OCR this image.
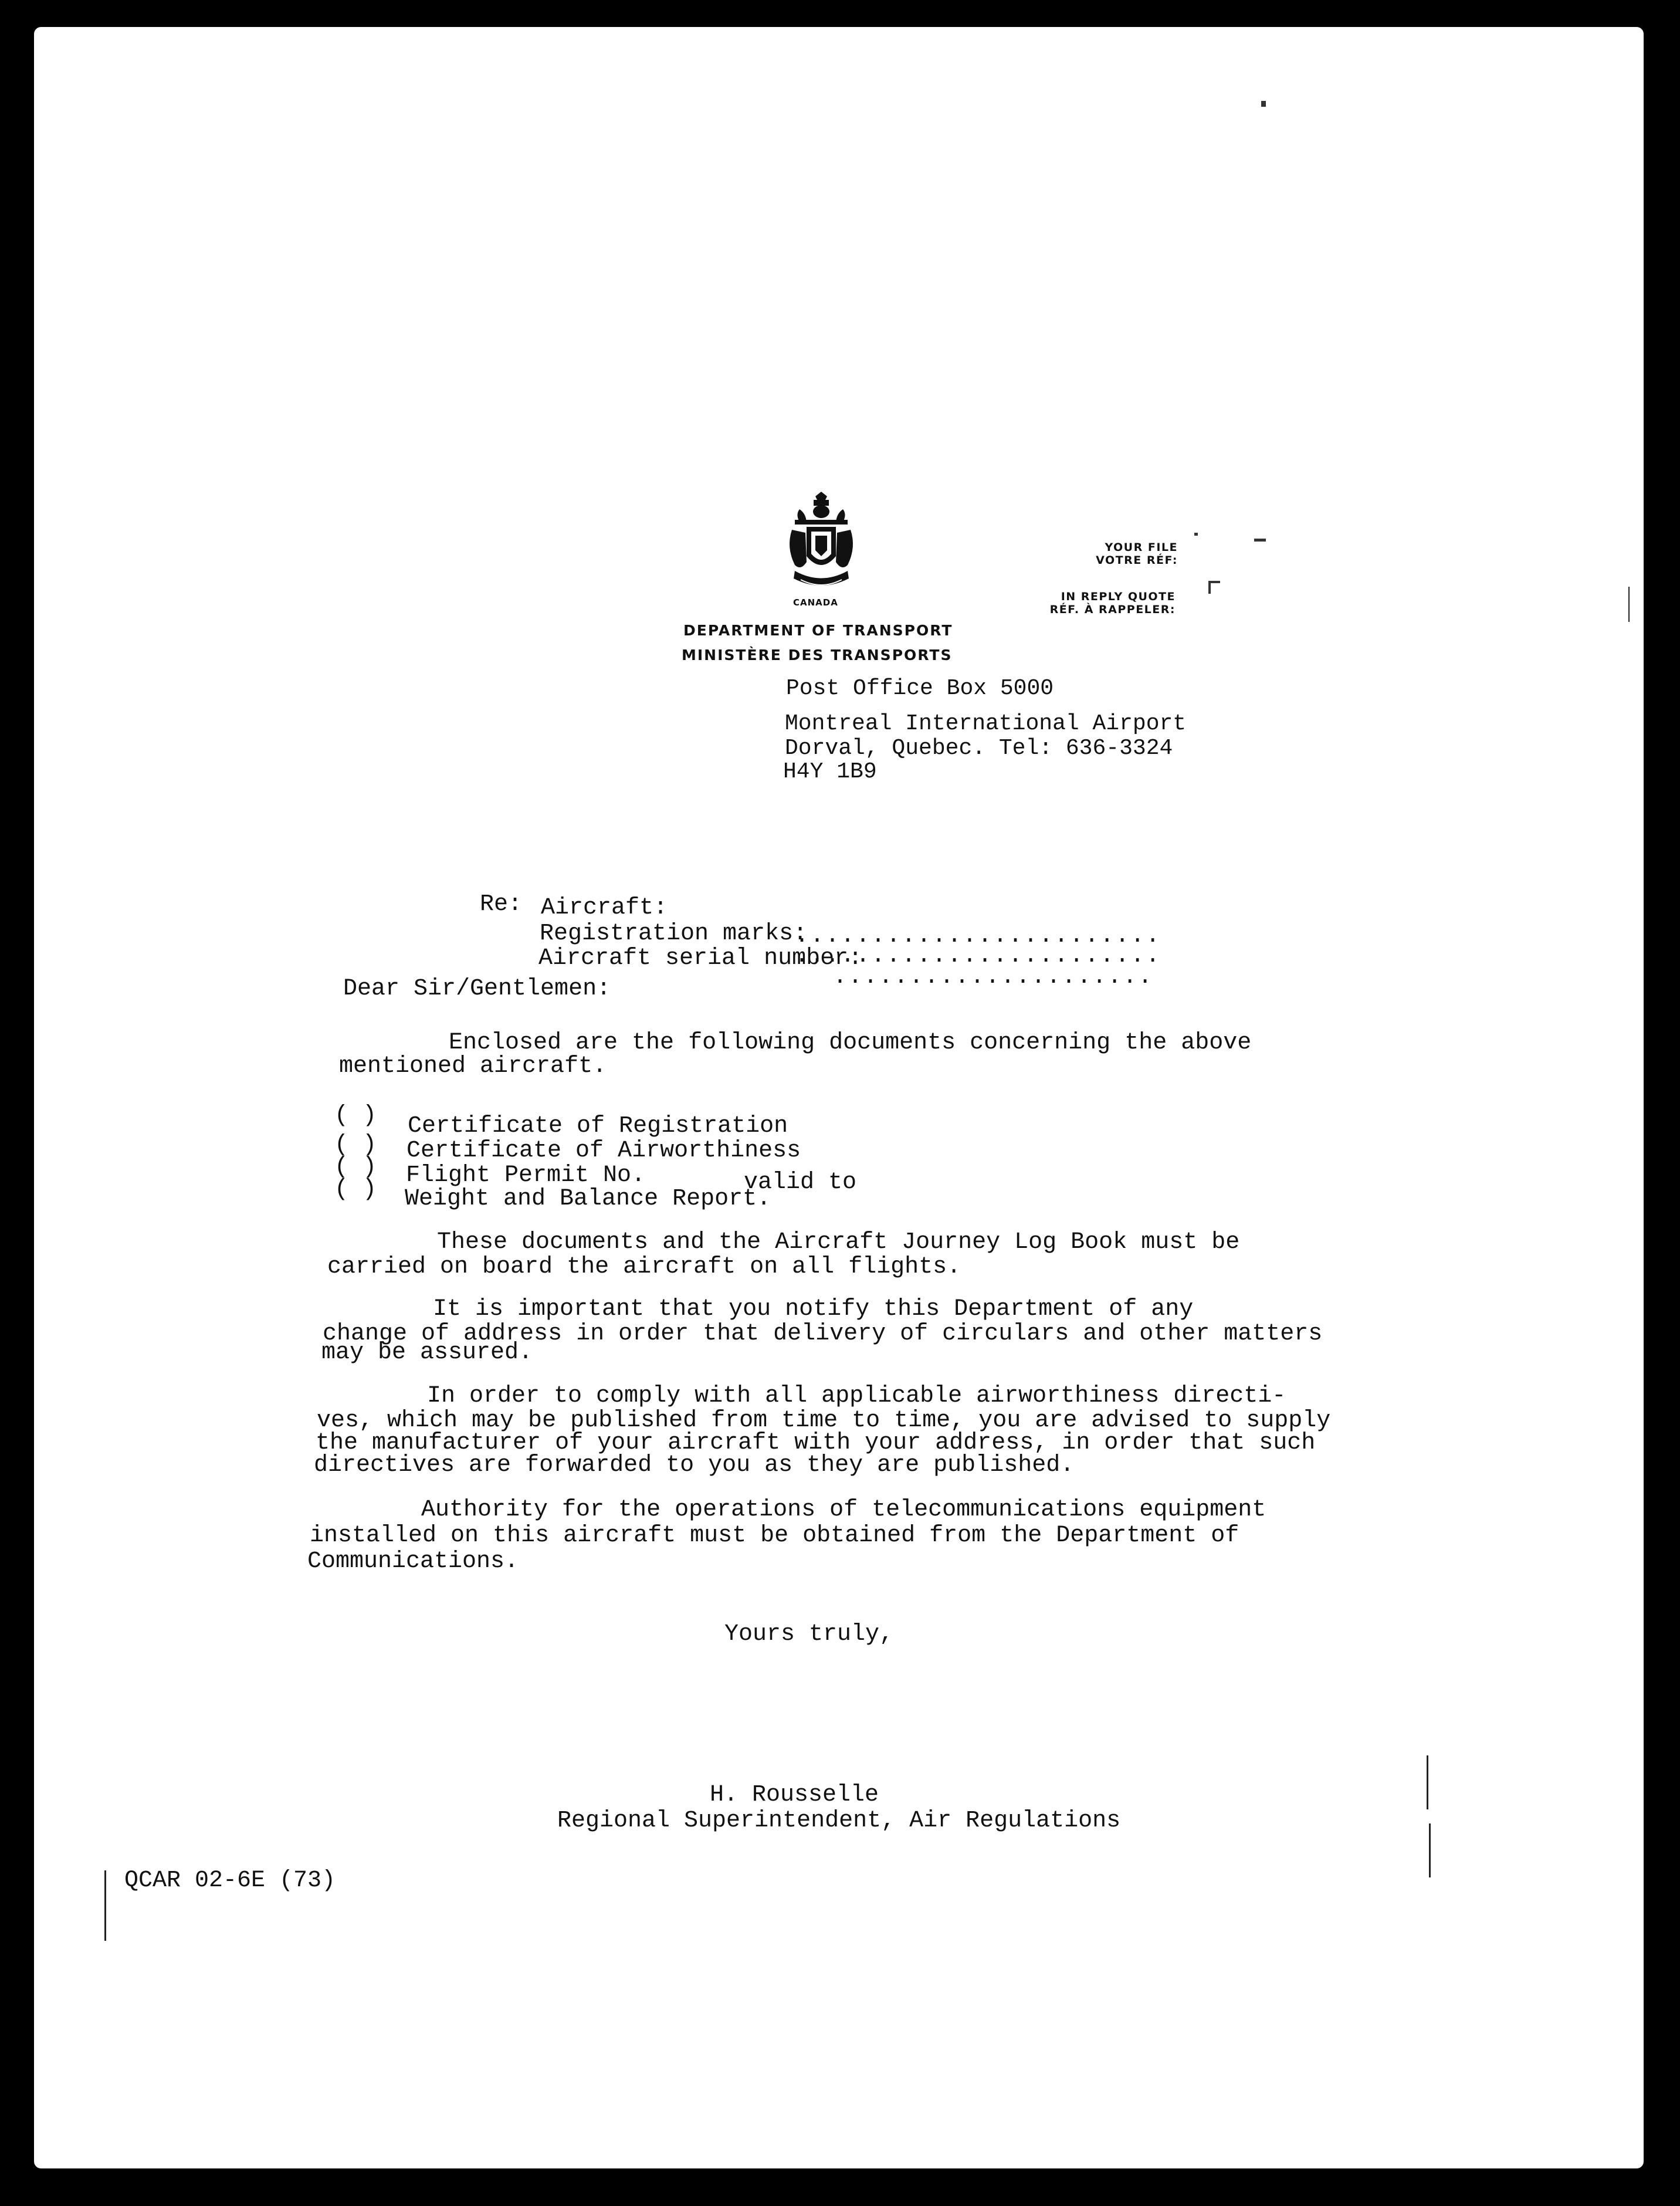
CANADA
DEPARTMENT OF TRANSPORT
MINISTÈRE DES TRANSPORTS
YOUR FILE
VOTRE RÉF:
IN REPLY QUOTE
RÉF. À RAPPELER:
Post Office Box 5000
Montreal International Airport
Dorval, Quebec. Tel: 636-3324
H4Y 1B9
Re: Aircraft:
Registration marks:
........................
Aircraft serial number:
........................
.....................
Dear Sir/Gentlemen:
Enclosed are the following documents concerning the above
mentioned aircraft.
( ) Certificate of Registration
( ) Certificate of Airworthiness
( ) Flight Permit No.	valid to
( ) Weight and Balance Report.
These documents and the Aircraft Journey Log Book must be
carried on board the aircraft on all flights.
It is important that you notify this Department of any
change of address in order that delivery of circulars and other matters
may be assured.
In order to comply with all applicable airworthiness directi-
ves, which may be published from time to time, you are advised to supply
the manufacturer of your aircraft with your address, in order that such
directives are forwarded to you as they are published.
Authority for the operations of telecommunications equipment
installed on this aircraft must be obtained from the Department of
Communications.
Yours truly,
H. Rousselle
Regional Superintendent, Air Regulations
QCAR 02-6E (73)
